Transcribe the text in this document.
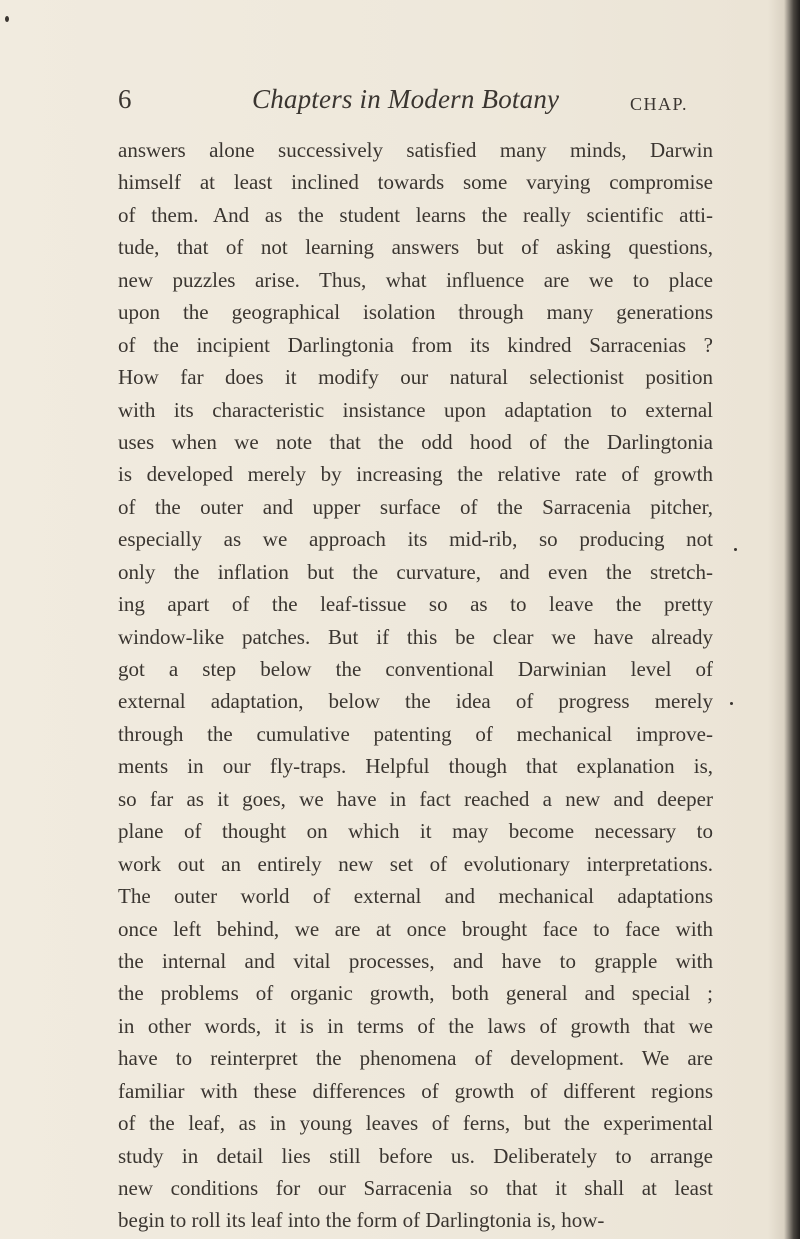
6	Chapters in Modern Botany	CHAP.
answers alone successively satisfied many minds, Darwin
himself at least inclined towards some varying compromise
of them. And as the student learns the really scientific atti-
tude, that of not learning answers but of asking questions,
new puzzles arise. Thus, what influence are we to place
upon the geographical isolation through many generations
of the incipient Darlingtonia from its kindred Sarracenias ?
How far does it modify our natural selectionist position
with its characteristic insistance upon adaptation to external
uses when we note that the odd hood of the Darlingtonia
is developed merely by increasing the relative rate of growth
of the outer and upper surface of the Sarracenia pitcher,
especially as we approach its mid-rib, so producing not
only the inflation but the curvature, and even the stretch-
ing apart of the leaf-tissue so as to leave the pretty
window-like patches. But if this be clear we have already
got a step below the conventional Darwinian level of
external adaptation, below the idea of progress merely
through the cumulative patenting of mechanical improve-
ments in our fly-traps. Helpful though that explanation is,
so far as it goes, we have in fact reached a new and deeper
plane of thought on which it may become necessary to
work out an entirely new set of evolutionary interpretations.
The outer world of external and mechanical adaptations
once left behind, we are at once brought face to face with
the internal and vital processes, and have to grapple with
the problems of organic growth, both general and special ;
in other words, it is in terms of the laws of growth that we
have to reinterpret the phenomena of development. We are
familiar with these differences of growth of different regions
of the leaf, as in young leaves of ferns, but the experimental
study in detail lies still before us. Deliberately to arrange
new conditions for our Sarracenia so that it shall at least
begin to roll its leaf into the form of Darlingtonia is, how-
